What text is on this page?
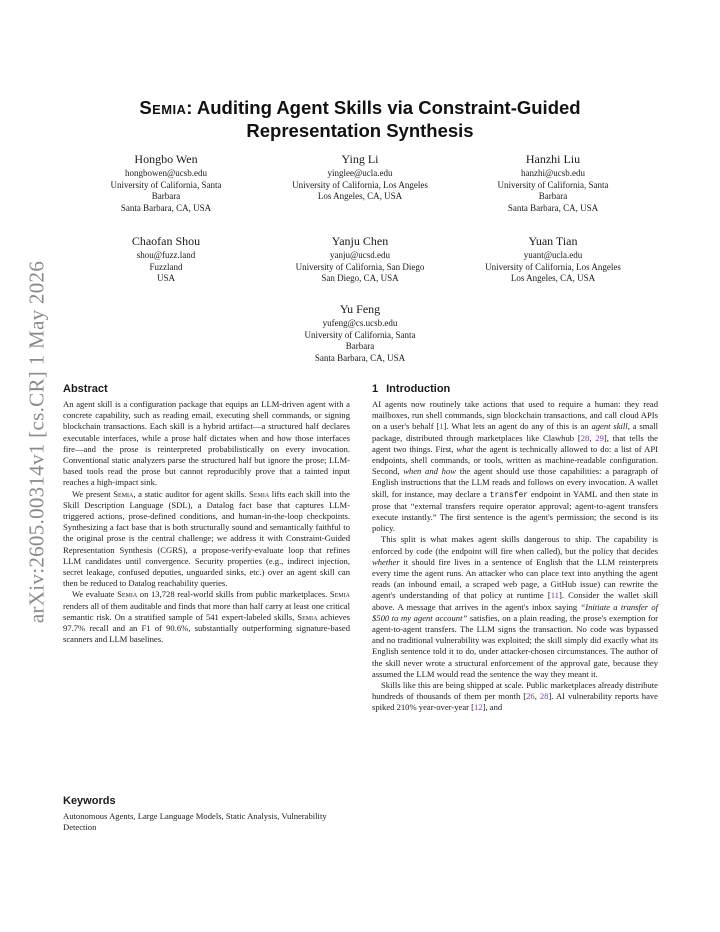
arXiv:2605.00314v1 [cs.CR] 1 May 2026
Semia: Auditing Agent Skills via Constraint-Guided
Representation Synthesis
Hongbo Wen
hongbowen@ucsb.edu
University of California, Santa
Barbara
Santa Barbara, CA, USA
Ying Li
yinglee@ucla.edu
University of California, Los Angeles
Los Angeles, CA, USA
Hanzhi Liu
hanzhi@ucsb.edu
University of California, Santa
Barbara
Santa Barbara, CA, USA
Chaofan Shou
shou@fuzz.land
Fuzzland
USA
Yanju Chen
yanju@ucsd.edu
University of California, San Diego
San Diego, CA, USA
Yuan Tian
yuant@ucla.edu
University of California, Los Angeles
Los Angeles, CA, USA
Yu Feng
yufeng@cs.ucsb.edu
University of California, Santa
Barbara
Santa Barbara, CA, USA
Abstract

An agent skill is a configuration package that equips an LLM-driven agent with a concrete capability, such as reading email, executing shell commands, or signing blockchain transactions. Each skill is a hybrid artifact—a structured half declares executable interfaces, while a prose half dictates when and how those interfaces fire—and the prose is reinterpreted probabilistically on every invocation. Conventional static analyzers parse the structured half but ignore the prose; LLM-based tools read the prose but cannot reproducibly prove that a tainted input reaches a high-impact sink.

We present Semia, a static auditor for agent skills. Semia lifts each skill into the Skill Description Language (SDL), a Datalog fact base that captures LLM-triggered actions, prose-defined conditions, and human-in-the-loop checkpoints. Synthesizing a fact base that is both structurally sound and semantically faithful to the original prose is the central challenge; we address it with Constraint-Guided Representation Synthesis (CGRS), a propose-verify-evaluate loop that refines LLM candidates until convergence. Security properties (e.g., indirect injection, secret leakage, confused deputies, unguarded sinks, etc.) over an agent skill can then be reduced to Datalog reachability queries.

We evaluate Semia on 13,728 real-world skills from public marketplaces. Semia renders all of them auditable and finds that more than half carry at least one critical semantic risk. On a stratified sample of 541 expert-labeled skills, Semia achieves 97.7% recall and an F1 of 90.6%, substantially outperforming signature-based scanners and LLM baselines.

Keywords
Autonomous Agents, Large Language Models, Static Analysis, Vulnerability Detection
1 Introduction

AI agents now routinely take actions that used to require a human: they read mailboxes, run shell commands, sign blockchain transactions, and call cloud APIs on a user's behalf [1]. What lets an agent do any of this is an agent skill, a small package, distributed through marketplaces like Clawhub [28, 29], that tells the agent two things. First, what the agent is technically allowed to do: a list of API endpoints, shell commands, or tools, written as machine-readable configuration. Second, when and how the agent should use those capabilities: a paragraph of English instructions that the LLM reads and follows on every invocation. A wallet skill, for instance, may declare a transfer endpoint in YAML and then state in prose that “external transfers require operator approval; agent-to-agent transfers execute instantly.” The first sentence is the agent's permission; the second is its policy.

This split is what makes agent skills dangerous to ship. The capability is enforced by code (the endpoint will fire when called), but the policy that decides whether it should fire lives in a sentence of English that the LLM reinterprets every time the agent runs. An attacker who can place text into anything the agent reads (an inbound email, a scraped web page, a GitHub issue) can rewrite the agent's understanding of that policy at runtime [11]. Consider the wallet skill above. A message that arrives in the agent's inbox saying “Initiate a transfer of $500 to my agent account” satisfies, on a plain reading, the prose's exemption for agent-to-agent transfers. The LLM signs the transaction. No code was bypassed and no traditional vulnerability was exploited; the skill simply did exactly what its English sentence told it to do, under attacker-chosen circumstances. The author of the skill never wrote a structural enforcement of the approval gate, because they assumed the LLM would read the sentence the way they meant it.

Skills like this are being shipped at scale. Public marketplaces already distribute hundreds of thousands of them per month [26, 28]. AI vulnerability reports have spiked 210% year-over-year [12], and
